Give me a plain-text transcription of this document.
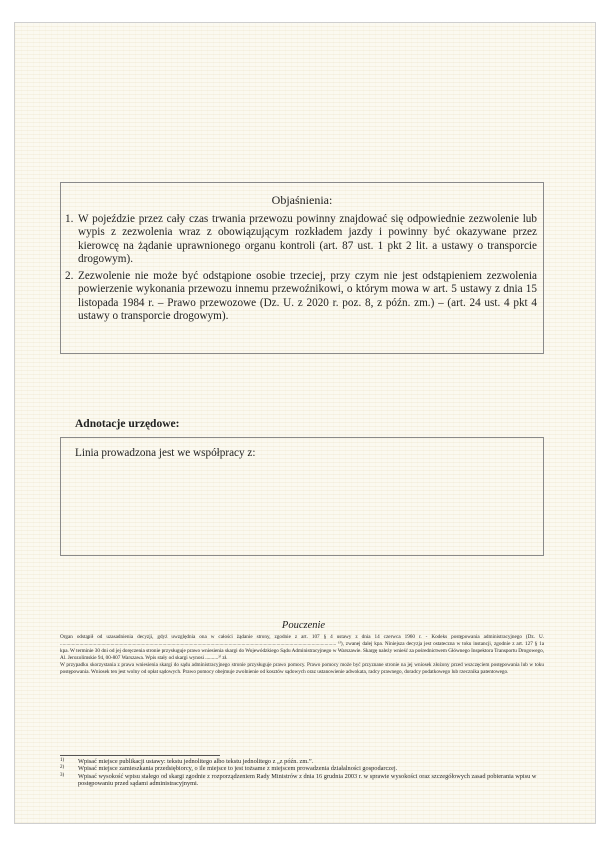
Objaśnienia:
1. W pojeździe przez cały czas trwania przewozu powinny znajdować się odpowiednie zezwolenie lub wypis z zezwolenia wraz z obowiązującym rozkładem jazdy i powinny być okazywane przez kierowcę na żądanie uprawnionego organu kontroli (art. 87 ust. 1 pkt 2 lit. a ustawy o transporcie drogowym).
2. Zezwolenie nie może być odstąpione osobie trzeciej, przy czym nie jest odstąpieniem zezwolenia powierzenie wykonania przewozu innemu przewoźnikowi, o którym mowa w art. 5 ustawy z dnia 15 listopada 1984 r. – Prawo przewozowe (Dz. U. z 2020 r. poz. 8, z późn. zm.) – (art. 24 ust. 4 pkt 4 ustawy o transporcie drogowym).
Adnotacje urzędowe:
Linia prowadzona jest we współpracy z:
Pouczenie

Organ odstąpił od uzasadnienia decyzji, gdyż uwzględnia ona w całości żądanie strony, zgodnie z art. 107 § 4 ustawy z dnia 14 czerwca 1960 r. - Kodeks postępowania administracyjnego (Dz. U. ..................................................................................................................................................................................................................... ¹⁾), zwanej dalej kpa. Niniejsza decyzja jest ostateczna w toku instancji, zgodnie z art. 127 § 1a kpa. W terminie 30 dni od jej doręczenia stronie przysługuje prawo wniesienia skargi do Wojewódzkiego Sądu Administracyjnego w Warszawie. Skargę należy wnieść za pośrednictwem Głównego Inspektora Transportu Drogowego, Al. Jerozolimskie 94, 00-807 Warszawa. Wpis stały od skargi wynosi ..........³⁾ zł.

W przypadku skorzystania z prawa wniesienia skargi do sądu administracyjnego stronie przysługuje prawo pomocy. Prawo pomocy może być przyznane stronie na jej wniosek złożony przed wszczęciem postępowania lub w toku postępowania. Wniosek ten jest wolny od opłat sądowych. Prawo pomocy obejmuje zwolnienie od kosztów sądowych oraz ustanowienie adwokata, radcy prawnego, doradcy podatkowego lub rzecznika patentowego.

1) Wpisać miejsce publikacji ustawy: tekstu jednolitego albo tekstu jednolitego z „z późn. zm.”.
2) Wpisać miejsce zamieszkania przedsiębiorcy, o ile miejsce to jest tożsame z miejscem prowadzenia działalności gospodarczej.
3) Wpisać wysokość wpisu stałego od skargi zgodnie z rozporządzeniem Rady Ministrów z dnia 16 grudnia 2003 r. w sprawie wysokości oraz szczegółowych zasad pobierania wpisu w postępowaniu przed sądami administracyjnymi.
